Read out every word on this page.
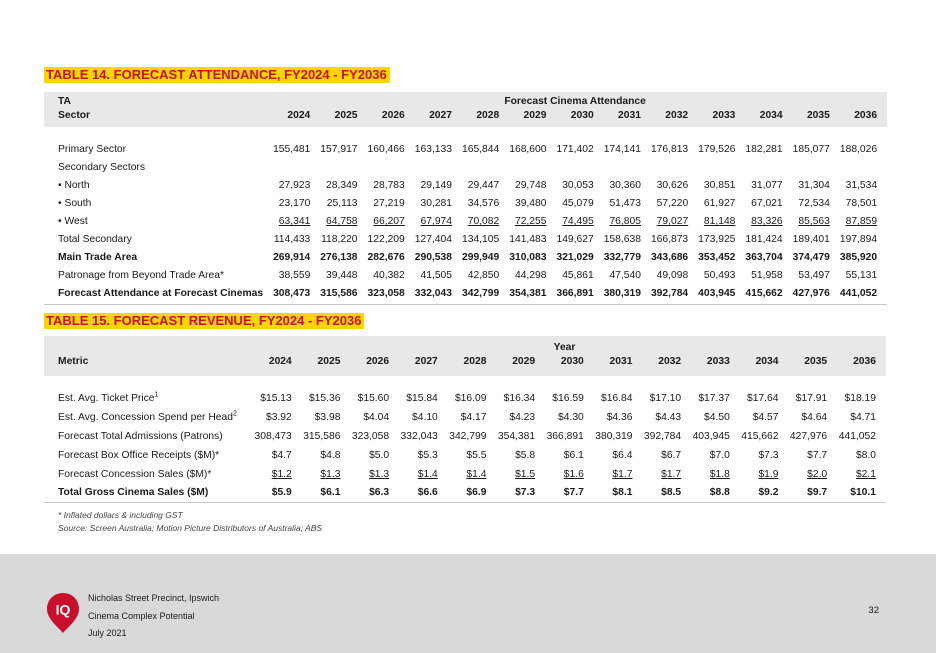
TABLE 14. FORECAST ATTENDANCE, FY2024 - FY2036
TA	Forecast Cinema Attendance												
Sector	2024	2025	2026	2027	2028	2029	2030	2031	2032	2033	2034	2035	2036

Primary Sector	155,481	157,917	160,466	163,133	165,844	168,600	171,402	174,141	176,813	179,526	182,281	185,077	188,026
Secondary Sectors													
• North	27,923	28,349	28,783	29,149	29,447	29,748	30,053	30,360	30,626	30,851	31,077	31,304	31,534
• South	23,170	25,113	27,219	30,281	34,576	39,480	45,079	51,473	57,220	61,927	67,021	72,534	78,501
• West	63,341	64,758	66,207	67,974	70,082	72,255	74,495	76,805	79,027	81,148	83,326	85,563	87,859
Total Secondary	114,433	118,220	122,209	127,404	134,105	141,483	149,627	158,638	166,873	173,925	181,424	189,401	197,894
Main Trade Area	269,914	276,138	282,676	290,538	299,949	310,083	321,029	332,779	343,686	353,452	363,704	374,479	385,920
Patronage from Beyond Trade Area*	38,559	39,448	40,382	41,505	42,850	44,298	45,861	47,540	49,098	50,493	51,958	53,497	55,131
Forecast Attendance at Forecast Cinemas	308,473	315,586	323,058	332,043	342,799	354,381	366,891	380,319	392,784	403,945	415,662	427,976	441,052
TABLE 15. FORECAST REVENUE, FY2024 - FY2036
	Year												
Metric	2024	2025	2026	2027	2028	2029	2030	2031	2032	2033	2034	2035	2036

Est. Avg. Ticket Price$^1$	$15.13	$15.36	$15.60	$15.84	$16.09	$16.34	$16.59	$16.84	$17.10	$17.37	$17.64	$17.91	$18.19
Est. Avg. Concession Spend per Head$^2$	$3.92	$3.98	$4.04	$4.10	$4.17	$4.23	$4.30	$4.36	$4.43	$4.50	$4.57	$4.64	$4.71
Forecast Total Admissions (Patrons)	308,473	315,586	323,058	332,043	342,799	354,381	366,891	380,319	392,784	403,945	415,662	427,976	441,052
Forecast Box Office Receipts ($M)*	$4.7	$4.8	$5.0	$5.3	$5.5	$5.8	$6.1	$6.4	$6.7	$7.0	$7.3	$7.7	$8.0
Forecast Concession Sales ($M)*	$1.2	$1.3	$1.3	$1.4	$1.4	$1.5	$1.6	$1.7	$1.7	$1.8	$1.9	$2.0	$2.1
Total Gross Cinema Sales ($M)	$5.9	$6.1	$6.3	$6.6	$6.9	$7.3	$7.7	$8.1	$8.5	$8.8	$9.2	$9.7	$10.1
* Inflated dollars & including GST
Source: Screen Australia; Motion Picture Distributors of Australia; ABS
IQ
Nicholas Street Precinct, Ipswich
Cinema Complex Potential
July 2021
32
